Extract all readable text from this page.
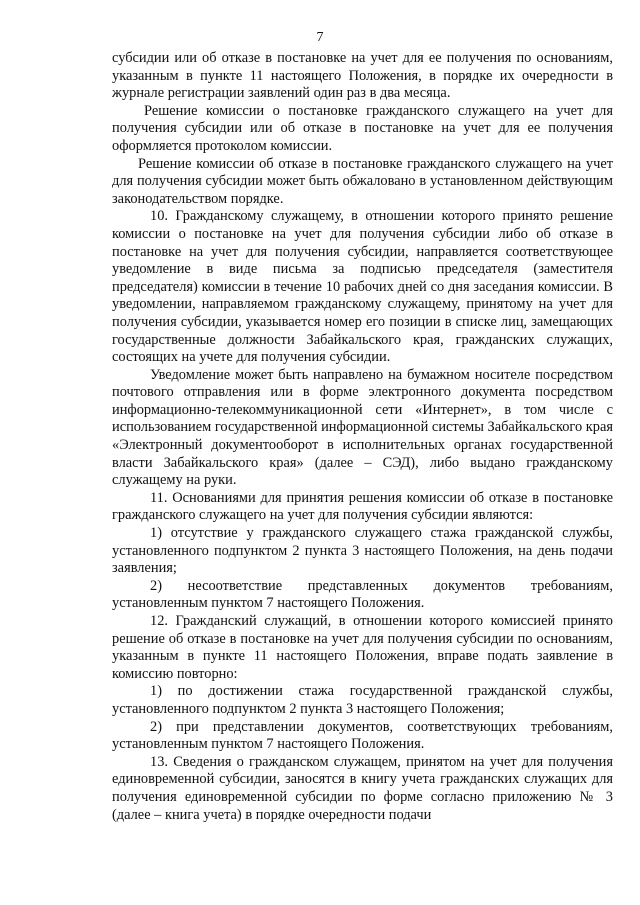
7

субсидии или об отказе в постановке на учет для ее получения по основаниям, указанным в пункте 11 настоящего Положения, в порядке их очередности в журнале регистрации заявлений один раз в два месяца.

Решение комиссии о постановке гражданского служащего на учет для получения субсидии или об отказе в постановке на учет для ее получения оформляется протоколом комиссии.

Решение комиссии об отказе в постановке гражданского служащего на учет для получения субсидии может быть обжаловано в установленном действующим законодательством порядке.

10. Гражданскому служащему, в отношении которого принято решение комиссии о постановке на учет для получения субсидии либо об отказе в постановке на учет для получения субсидии, направляется соответствующее уведомление в виде письма за подписью председателя (заместителя председателя) комиссии в течение 10 рабочих дней со дня заседания комиссии. В уведомлении, направляемом гражданскому служащему, принятому на учет для получения субсидии, указывается номер его позиции в списке лиц, замещающих государственные должности Забайкальского края, гражданских служащих, состоящих на учете для получения субсидии.

Уведомление может быть направлено на бумажном носителе посредством почтового отправления или в форме электронного документа посредством информационно-телекоммуникационной сети «Интернет», в том числе с использованием государственной информационной системы Забайкальского края «Электронный документооборот в исполнительных органах государственной власти Забайкальского края» (далее – СЭД), либо выдано гражданскому служащему на руки.

11. Основаниями для принятия решения комиссии об отказе в постановке гражданского служащего на учет для получения субсидии являются:

1) отсутствие у гражданского служащего стажа гражданской службы, установленного подпунктом 2 пункта 3 настоящего Положения, на день подачи заявления;

2) несоответствие представленных документов требованиям, установленным пунктом 7 настоящего Положения.

12. Гражданский служащий, в отношении которого комиссией принято решение об отказе в постановке на учет для получения субсидии по основаниям, указанным в пункте 11 настоящего Положения, вправе подать заявление в комиссию повторно:

1) по достижении стажа государственной гражданской службы, установленного подпунктом 2 пункта 3 настоящего Положения;

2) при представлении документов, соответствующих требованиям, установленным пунктом 7 настоящего Положения.

13. Сведения о гражданском служащем, принятом на учет для получения единовременной субсидии, заносятся в книгу учета гражданских служащих для получения единовременной субсидии по форме согласно приложению № 3 (далее – книга учета) в порядке очередности подачи
